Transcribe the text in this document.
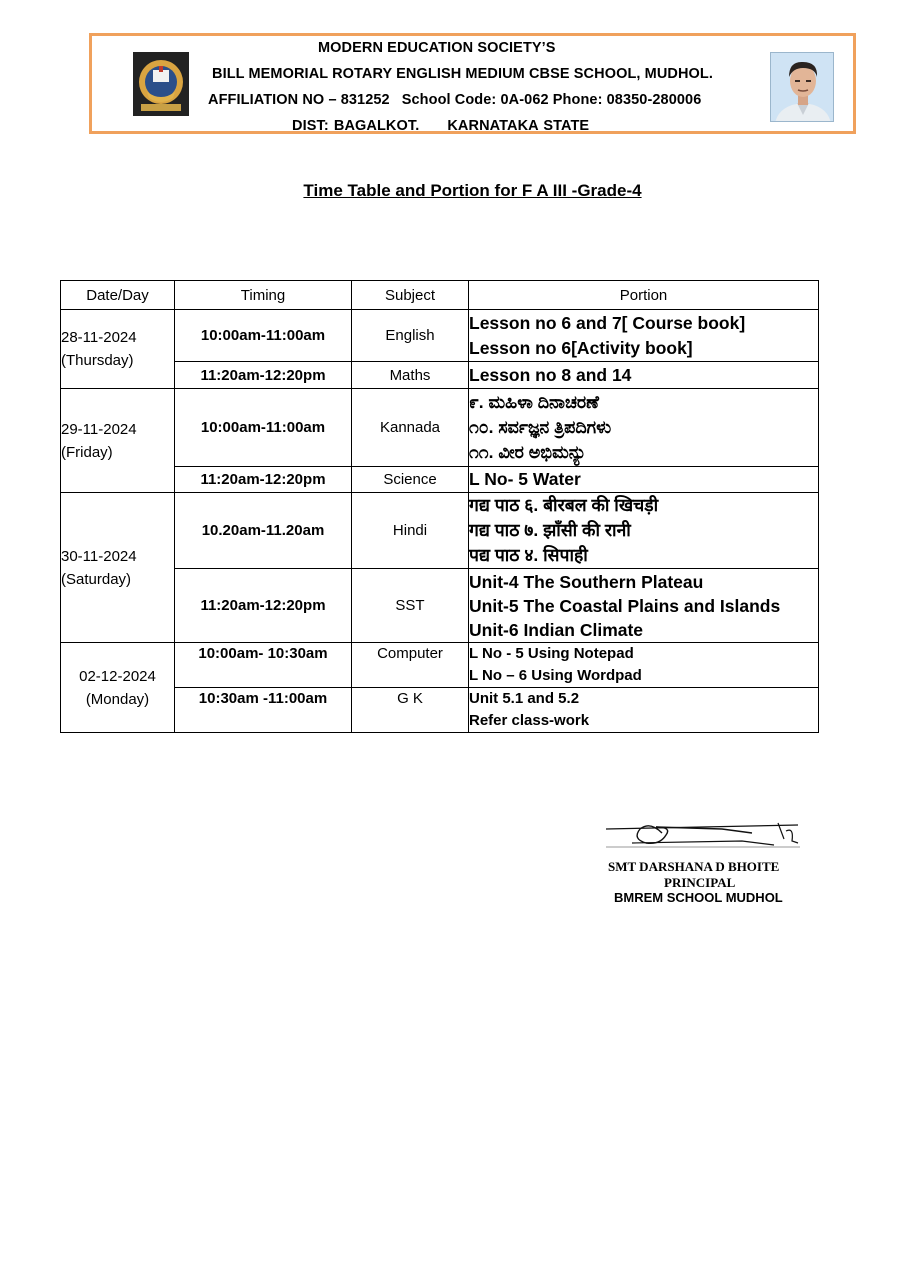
MODERN EDUCATION SOCIETY’S
BILL MEMORIAL ROTARY ENGLISH MEDIUM CBSE SCHOOL, MUDHOL.
AFFILIATION NO – 831252 School Code: 0A-062 Phone: 08350-280006
DIST: BAGALKOT. KARNATAKA STATE
Time Table and Portion for F A III -Grade-4
Date/Day	Timing	Subject	Portion
28-11-2024
(Thursday)	10:00am-11:00am	English	Lesson no 6 and 7[ Course book]
Lesson no 6[Activity book]

	11:20am-12:20pm	Maths	Lesson no 8 and 14

29-11-2024
(Friday)	10:00am-11:00am	Kannada	೯. ಮಹಿಳಾ ದಿನಾಚರಣೆ
೧೦. ಸರ್ವಜ್ಞನ ತ್ರಿಪದಿಗಳು
೧೧. ವೀರ ಅಭಿಮನ್ಯು

	11:20am-12:20pm	Science	L No- 5 Water

30-11-2024
(Saturday)	10.20am-11.20am	Hindi	गद्य पाठ ६. बीरबल की खिचड़ी
गद्य पाठ ७. झाँसी की रानी
पद्य पाठ ४. सिपाही

	11:20am-12:20pm	SST	Unit-4 The Southern Plateau
Unit-5 The Coastal Plains and Islands
Unit-6 Indian Climate

02-12-2024
(Monday)	10:00am- 10:30am	Computer	L No - 5 Using Notepad
L No – 6 Using Wordpad

	10:30am -11:00am	G K	Unit 5.1 and 5.2
Refer class-work
SMT DARSHANA D BHOITE
PRINCIPAL
BMREM SCHOOL MUDHOL
